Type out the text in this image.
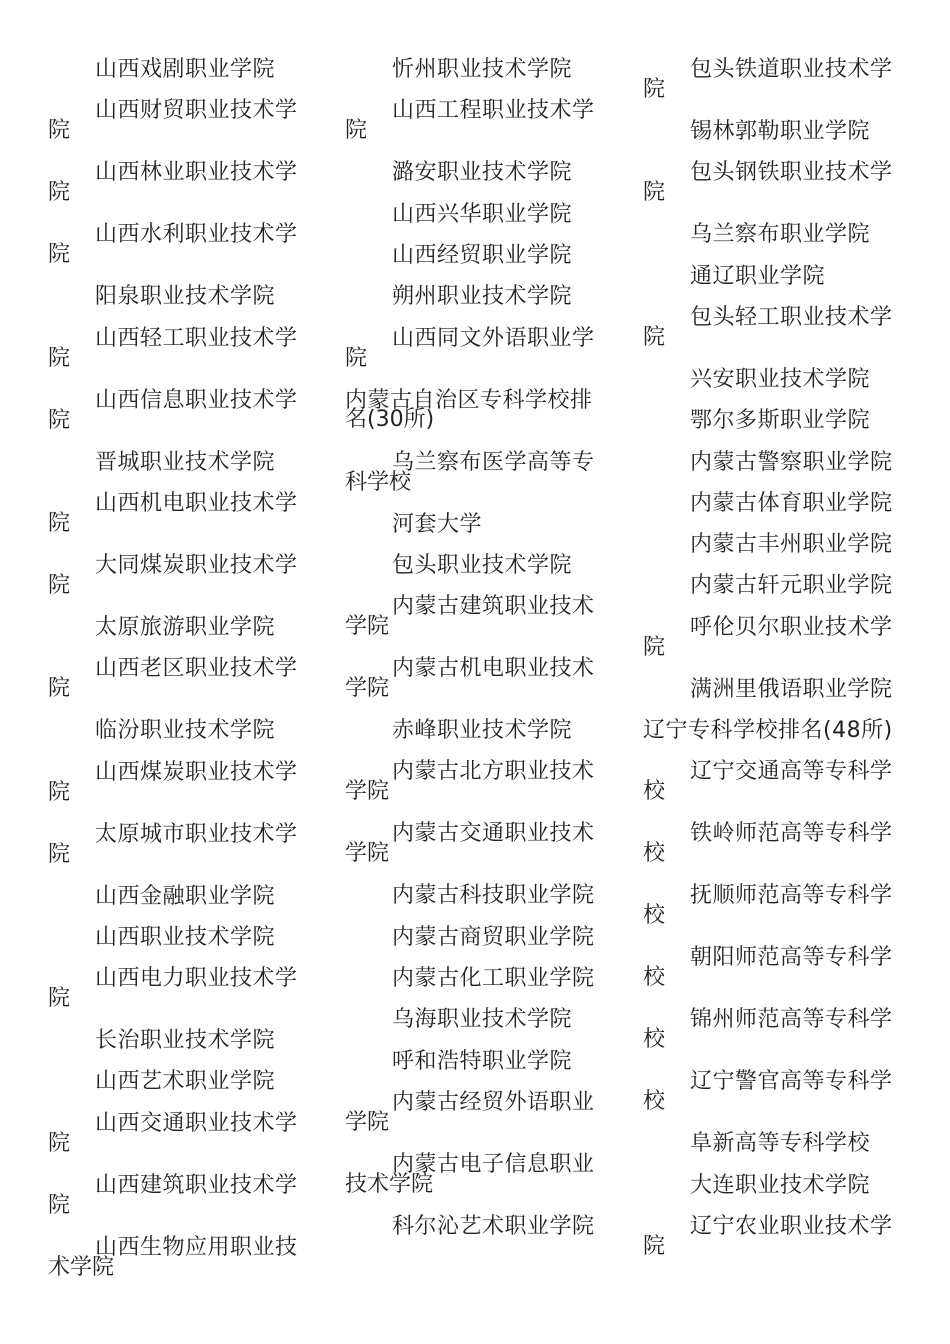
山西戏剧职业学院
山西财贸职业技术学
院
山西林业职业技术学
院
山西水利职业技术学
院
阳泉职业技术学院
山西轻工职业技术学
院
山西信息职业技术学
院
晋城职业技术学院
山西机电职业技术学
院
大同煤炭职业技术学
院
太原旅游职业学院
山西老区职业技术学
院
临汾职业技术学院
山西煤炭职业技术学
院
太原城市职业技术学
院
山西金融职业学院
山西职业技术学院
山西电力职业技术学
院
长治职业技术学院
山西艺术职业学院
山西交通职业技术学
院
山西建筑职业技术学
院
山西生物应用职业技
术学院
忻州职业技术学院
山西工程职业技术学
院
潞安职业技术学院
山西兴华职业学院
山西经贸职业学院
朔州职业技术学院
山西同文外语职业学
院
内蒙古自治区专科学校排
名(30所)
乌兰察布医学高等专
科学校
河套大学
包头职业技术学院
内蒙古建筑职业技术
学院
内蒙古机电职业技术
学院
赤峰职业技术学院
内蒙古北方职业技术
学院
内蒙古交通职业技术
学院
内蒙古科技职业学院
内蒙古商贸职业学院
内蒙古化工职业学院
乌海职业技术学院
呼和浩特职业学院
内蒙古经贸外语职业
学院
内蒙古电子信息职业
技术学院
科尔沁艺术职业学院
包头铁道职业技术学
院
锡林郭勒职业学院
包头钢铁职业技术学
院
乌兰察布职业学院
通辽职业学院
包头轻工职业技术学
院
兴安职业技术学院
鄂尔多斯职业学院
内蒙古警察职业学院
内蒙古体育职业学院
内蒙古丰州职业学院
内蒙古轩元职业学院
呼伦贝尔职业技术学
院
满洲里俄语职业学院
辽宁专科学校排名(48所)
辽宁交通高等专科学
校
铁岭师范高等专科学
校
抚顺师范高等专科学
校
朝阳师范高等专科学
校
锦州师范高等专科学
校
辽宁警官高等专科学
校
阜新高等专科学校
大连职业技术学院
辽宁农业职业技术学
院
